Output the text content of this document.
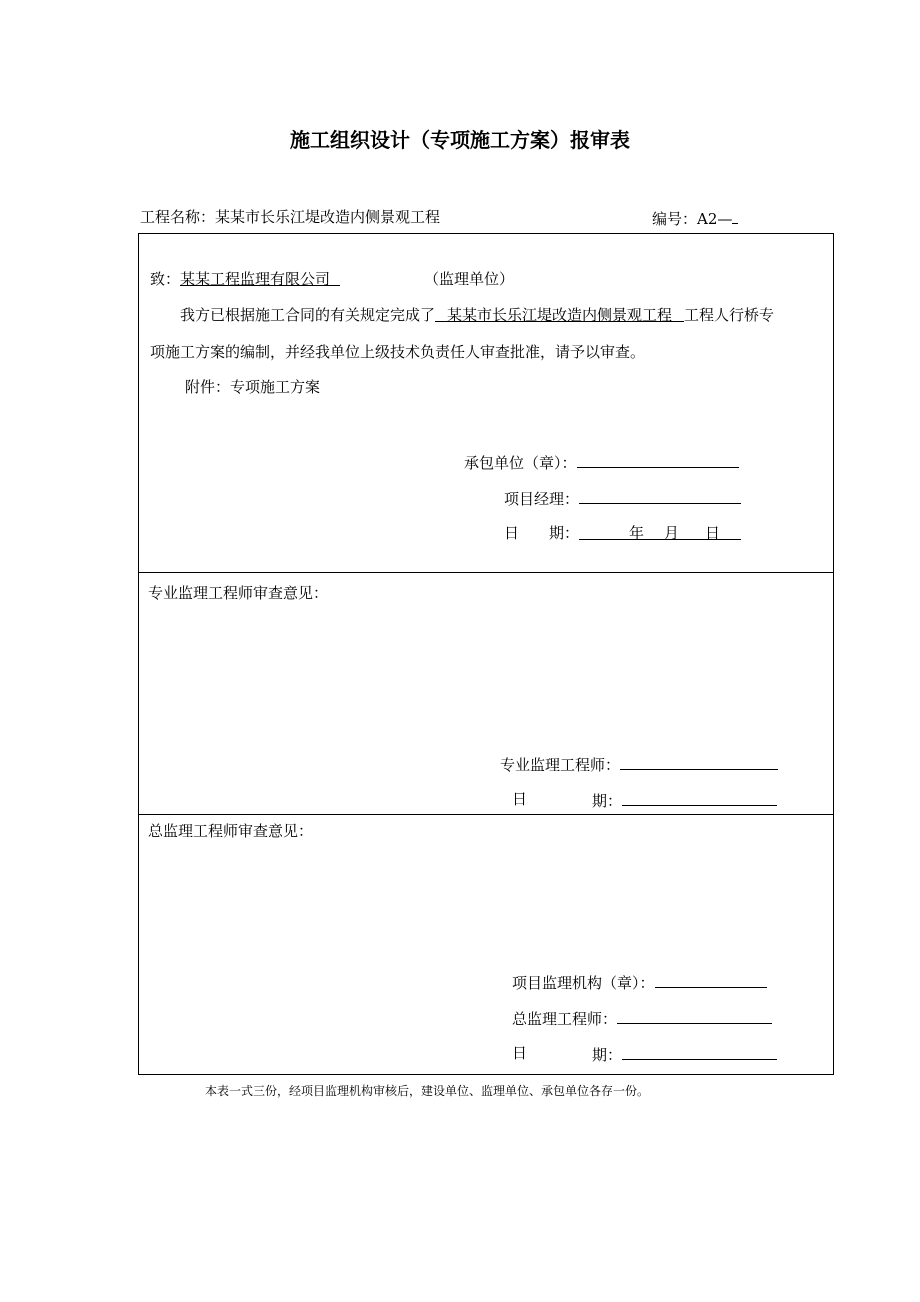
施工组织设计（专项施工方案）报审表
工程名称：某某市长乐江堤改造内侧景观工程	编号：A2—
致：某某工程监理有限公司	（监理单位）
我方已根据施工合同的有关规定完成了 某某市长乐江堤改造内侧景观工程 工程人行桥专
项施工方案的编制，并经我单位上级技术负责任人审查批准，请予以审查。
附件：专项施工方案
承包单位（章）：
项目经理：
日　　期：	年 月 日
专业监理工程师审查意见：
专业监理工程师：
日	期：
总监理工程师审查意见：
项目监理机构（章）：
总监理工程师：
日	期：
本表一式三份，经项目监理机构审核后，建设单位、监理单位、承包单位各存一份。
